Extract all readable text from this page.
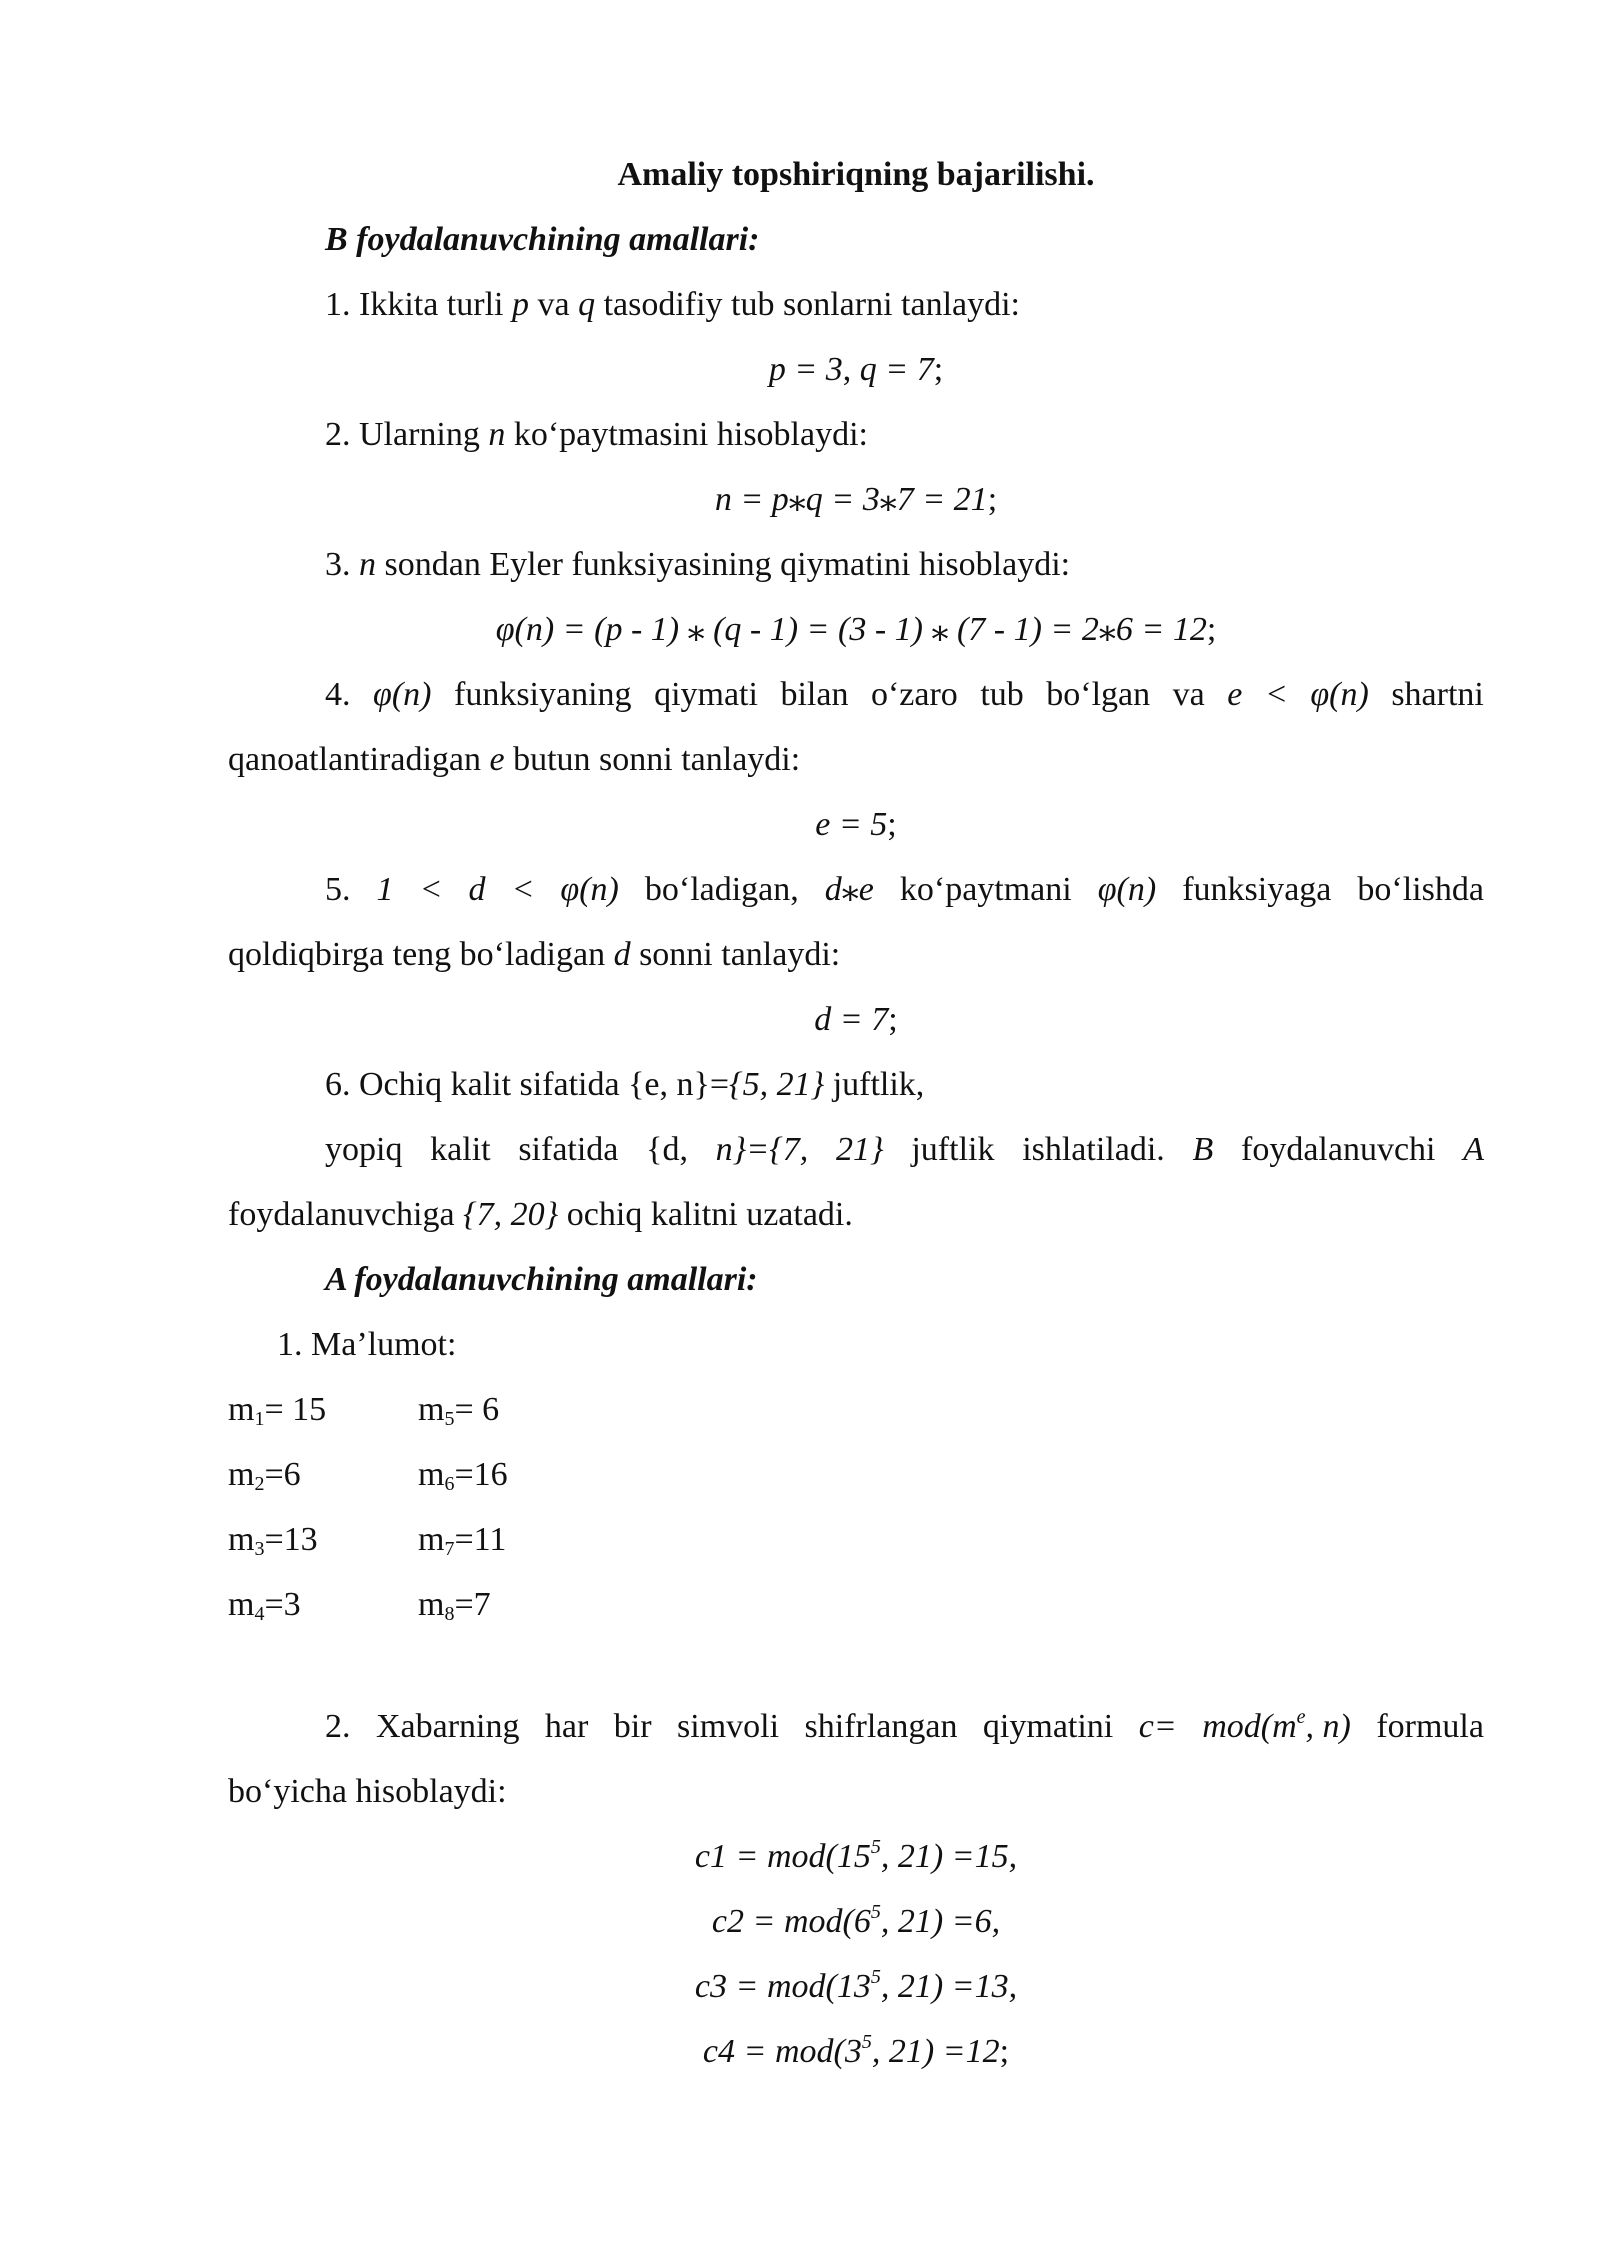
Amaliy topshiriqning bajarilishi.
B foydalanuvchining amallari:
1. Ikkita turli p va q tasodifiy tub sonlarni tanlaydi:
p = 3, q = 7;
2. Ularning n ko‘paytmasini hisoblaydi:
n = p⁎q = 3⁎7 = 21;
3. n sondan Eyler funksiyasining qiymatini hisoblaydi:
φ(n) = (p - 1) ⁎ (q - 1) = (3 - 1) ⁎ (7 - 1) = 2⁎6 = 12;
4. φ(n) funksiyaning qiymati bilan o‘zaro tub bo‘lgan va e < φ(n) shartni
qanoatlantiradigan e butun sonni tanlaydi:
e = 5;
5. 1 < d < φ(n) bo‘ladigan, d⁎e ko‘paytmani φ(n) funksiyaga bo‘lishda
qoldiqbirga teng bo‘ladigan d sonni tanlaydi:
d = 7;
6. Ochiq kalit sifatida {e, n}={5, 21} juftlik,
yopiq kalit sifatida {d, n}={7, 21} juftlik ishlatiladi. B foydalanuvchi A
foydalanuvchiga {7, 20} ochiq kalitni uzatadi.
A foydalanuvchining amallari:
1. Ma’lumot:
$m_1= 15$
$m_2=6$
$m_3=13$
$m_4=3$
$m_5= 6$
$m_6=16$
$m_7=11$
$m_8=7$
2. Xabarning har bir simvoli shifrlangan qiymatini $c= mod(m^e$, n) formula
bo‘yicha hisoblaydi:
$c1 = mod(15^5$, 21) =15,
$c2 = mod(6^5$, 21) =6,
$c3 = mod(13^5$, 21) =13,
$c4 = mod(3^5$, 21) =12;
